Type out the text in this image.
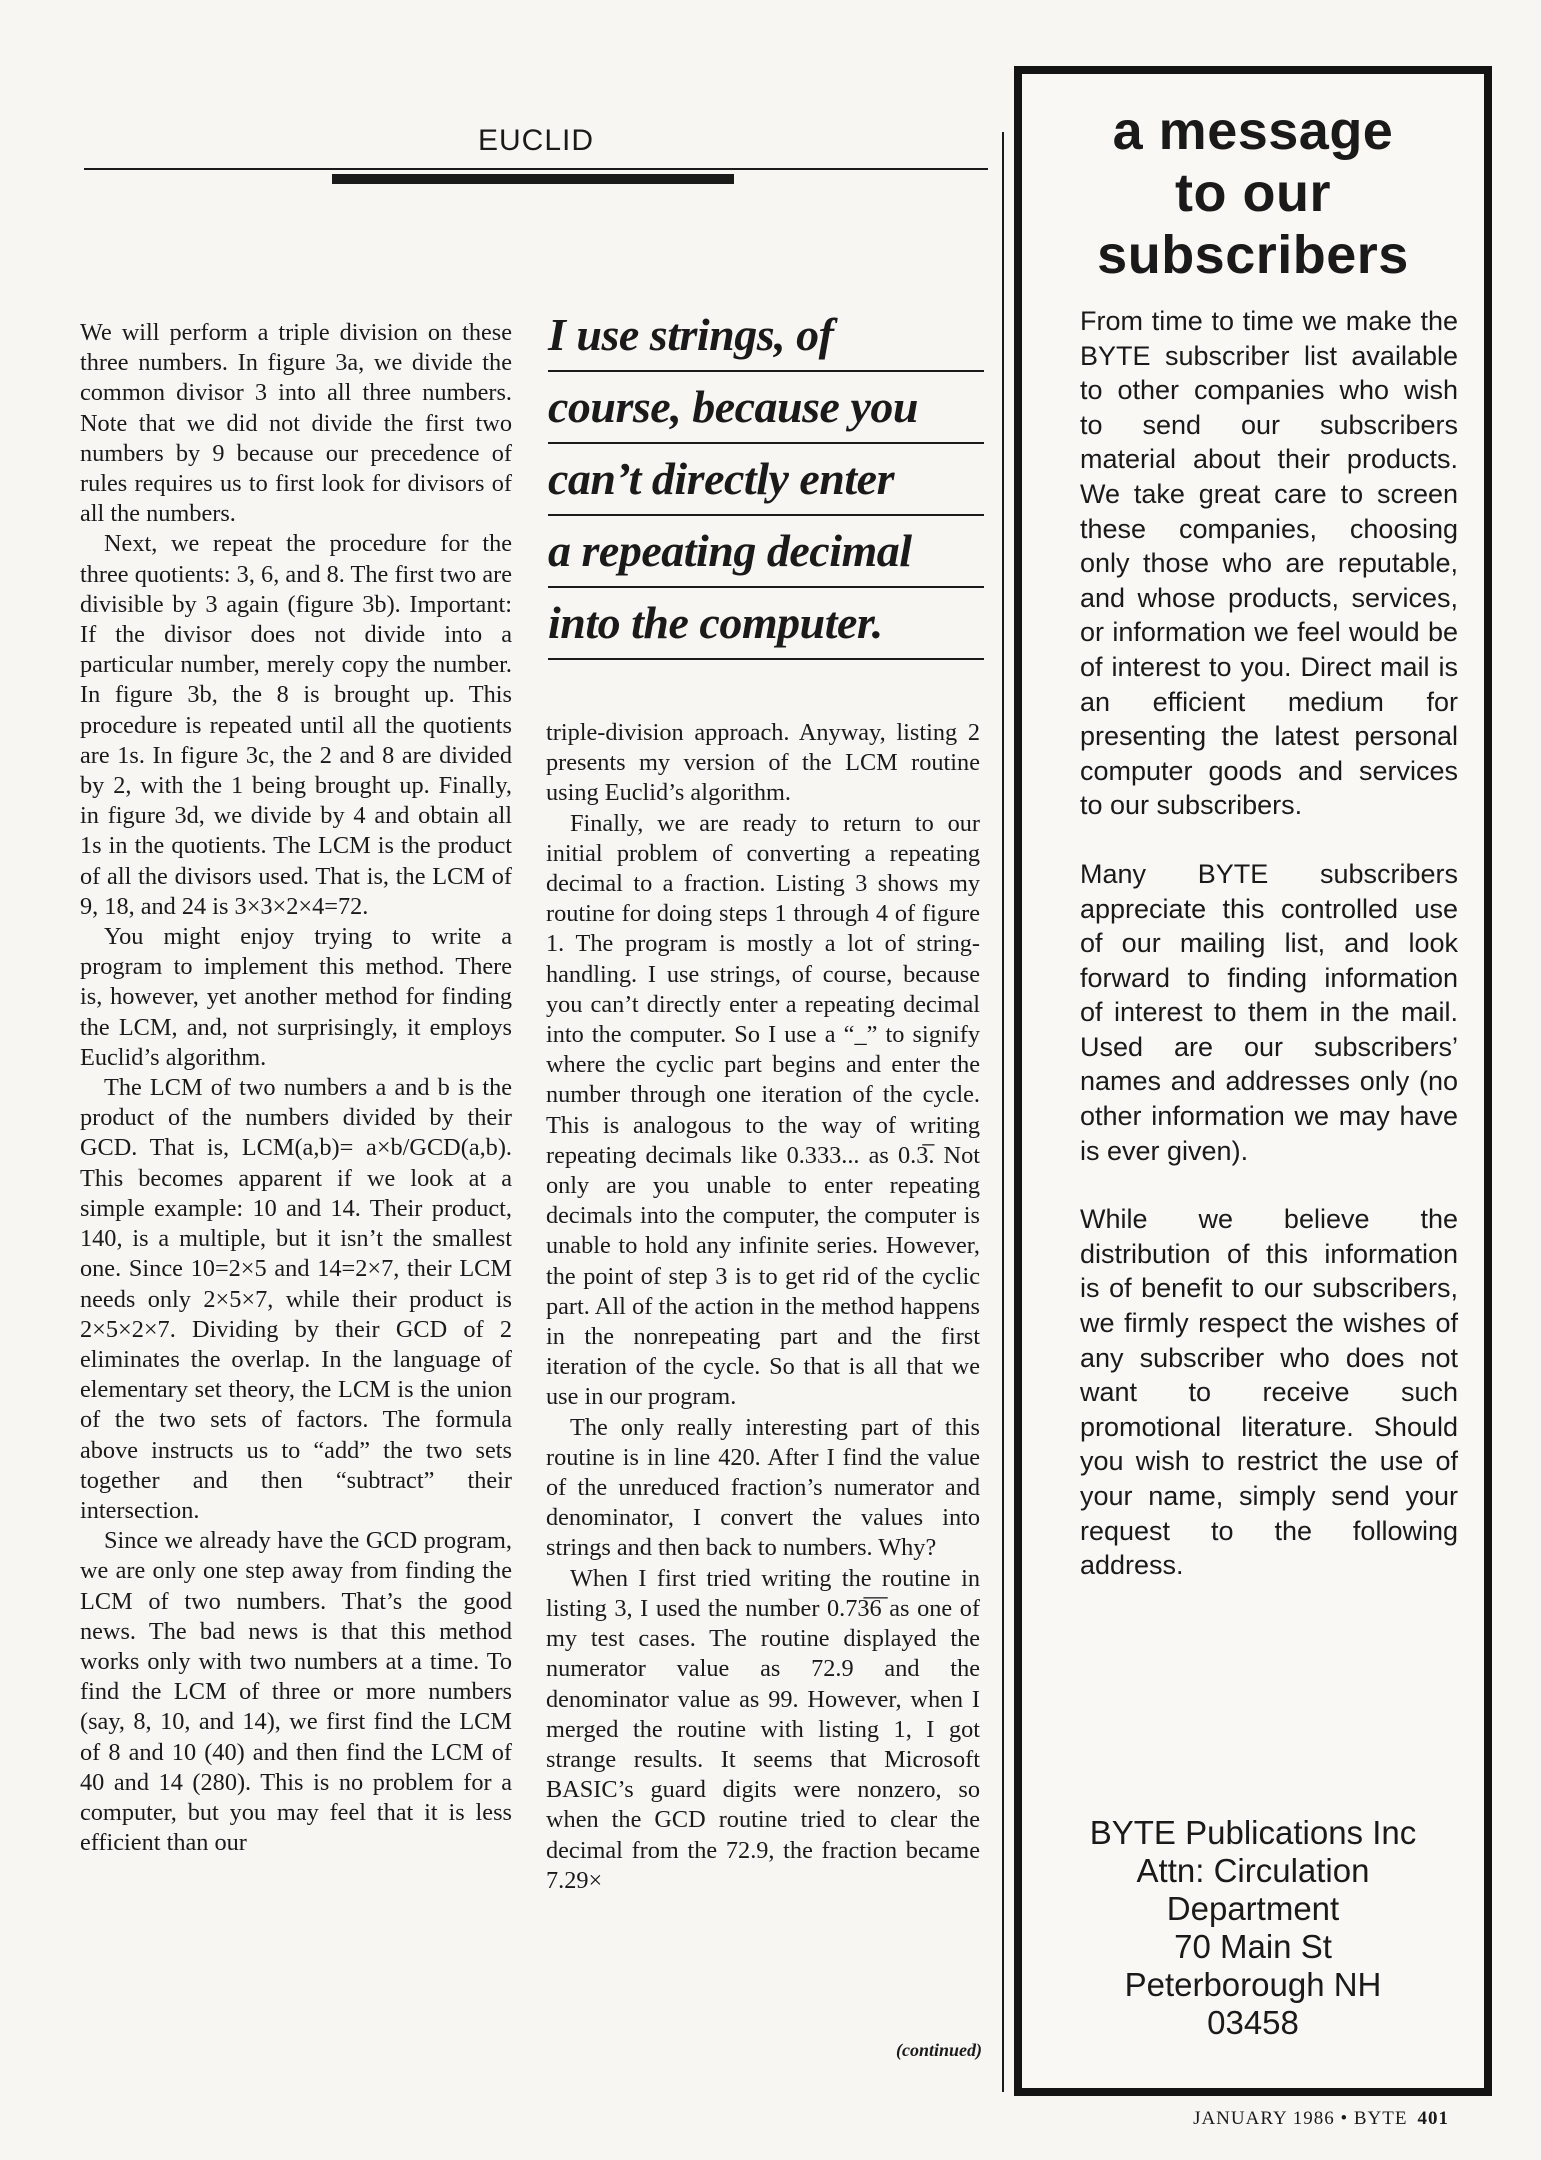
EUCLID

We will perform a triple division on these three numbers. In figure 3a, we divide the common divisor 3 into all three numbers. Note that we did not divide the first two numbers by 9 because our precedence of rules requires us to first look for divisors of all the numbers.

Next, we repeat the procedure for the three quotients: 3, 6, and 8. The first two are divisible by 3 again (figure 3b). Important: If the divisor does not divide into a particular number, merely copy the number. In figure 3b, the 8 is brought up. This procedure is repeated until all the quotients are 1s. In figure 3c, the 2 and 8 are divided by 2, with the 1 being brought up. Finally, in figure 3d, we divide by 4 and obtain all 1s in the quotients. The LCM is the product of all the divisors used. That is, the LCM of 9, 18, and 24 is 3×3×2×4=72.

You might enjoy trying to write a program to implement this method. There is, however, yet another method for finding the LCM, and, not surprisingly, it employs Euclid’s algorithm.

The LCM of two numbers a and b is the product of the numbers divided by their GCD. That is, LCM(a,b)= a×b/GCD(a,b). This becomes apparent if we look at a simple example: 10 and 14. Their product, 140, is a multiple, but it isn’t the smallest one. Since 10=2×5 and 14=2×7, their LCM needs only 2×5×7, while their product is 2×5×2×7. Dividing by their GCD of 2 eliminates the overlap. In the language of elementary set theory, the LCM is the union of the two sets of factors. The formula above instructs us to “add” the two sets together and then “subtract” their intersection.

Since we already have the GCD program, we are only one step away from finding the LCM of two numbers. That’s the good news. The bad news is that this method works only with two numbers at a time. To find the LCM of three or more numbers (say, 8, 10, and 14), we first find the LCM of 8 and 10 (40) and then find the LCM of 40 and 14 (280). This is no problem for a computer, but you may feel that it is less efficient than our

I use strings, of
course, because you
can’t directly enter
a repeating decimal
into the computer.

triple-division approach. Anyway, listing 2 presents my version of the LCM routine using Euclid’s algorithm.

Finally, we are ready to return to our initial problem of converting a repeating decimal to a fraction. Listing 3 shows my routine for doing steps 1 through 4 of figure 1. The program is mostly a lot of string-handling. I use strings, of course, because you can’t directly enter a repeating decimal into the computer. So I use a “_” to signify where the cyclic part begins and enter the number through one iteration of the cycle. This is analogous to the way of writing repeating decimals like 0.333... as 0.3̅. Not only are you unable to enter repeating decimals into the computer, the computer is unable to hold any infinite series. However, the point of step 3 is to get rid of the cyclic part. All of the action in the method happens in the nonrepeating part and the first iteration of the cycle. So that is all that we use in our program.

The only really interesting part of this routine is in line 420. After I find the value of the unreduced fraction’s numerator and denominator, I convert the values into strings and then back to numbers. Why?

When I first tried writing the routine in listing 3, I used the number 0.73̅6̅ as one of my test cases. The routine displayed the numerator value as 72.9 and the denominator value as 99. However, when I merged the routine with listing 1, I got strange results. It seems that Microsoft BASIC’s guard digits were nonzero, so when the GCD routine tried to clear the decimal from the 72.9, the fraction became 7.29×

(continued)
a message
to our
subscribers

From time to time we make the BYTE subscriber list available to other companies who wish to send our subscribers material about their products. We take great care to screen these companies, choosing only those who are reputable, and whose products, services, or information we feel would be of interest to you. Direct mail is an efficient medium for presenting the latest personal computer goods and services to our subscribers.

Many BYTE subscribers appreciate this controlled use of our mailing list, and look forward to finding information of interest to them in the mail. Used are our subscribers’ names and addresses only (no other information we may have is ever given).

While we believe the distribution of this information is of benefit to our subscribers, we firmly respect the wishes of any subscriber who does not want to receive such promotional literature. Should you wish to restrict the use of your name, simply send your request to the following address.

BYTE Publications Inc
Attn: Circulation
Department
70 Main St
Peterborough NH
03458
JANUARY 1986 • BYTE 401
